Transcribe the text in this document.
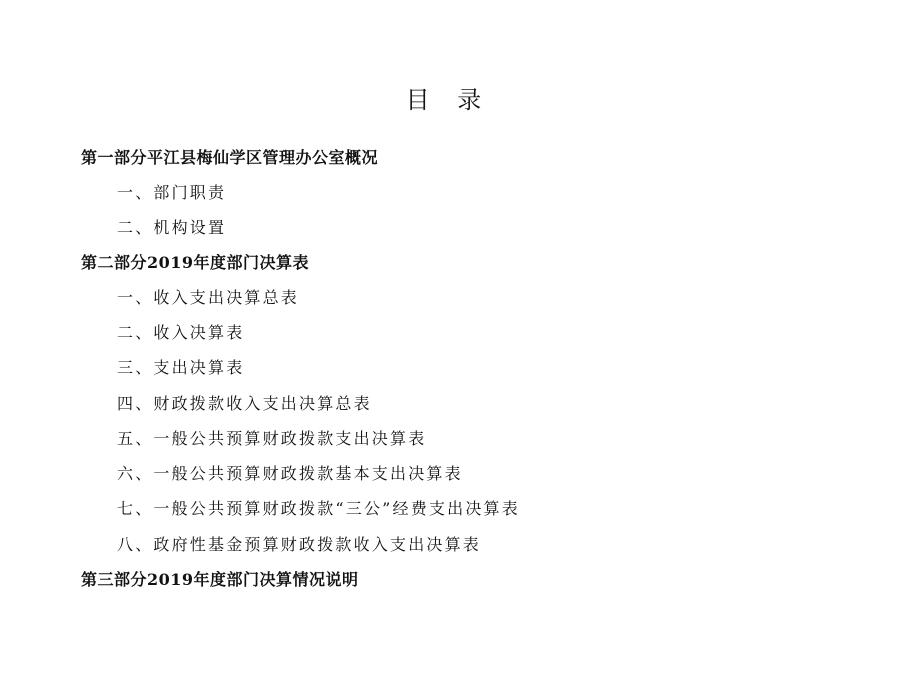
目 录
第一部分平江县梅仙学区管理办公室概况
一、部门职责
二、机构设置
第二部分2019年度部门决算表
一、收入支出决算总表
二、收入决算表
三、支出决算表
四、财政拨款收入支出决算总表
五、一般公共预算财政拨款支出决算表
六、一般公共预算财政拨款基本支出决算表
七、一般公共预算财政拨款“三公”经费支出决算表
八、政府性基金预算财政拨款收入支出决算表
第三部分2019年度部门决算情况说明
